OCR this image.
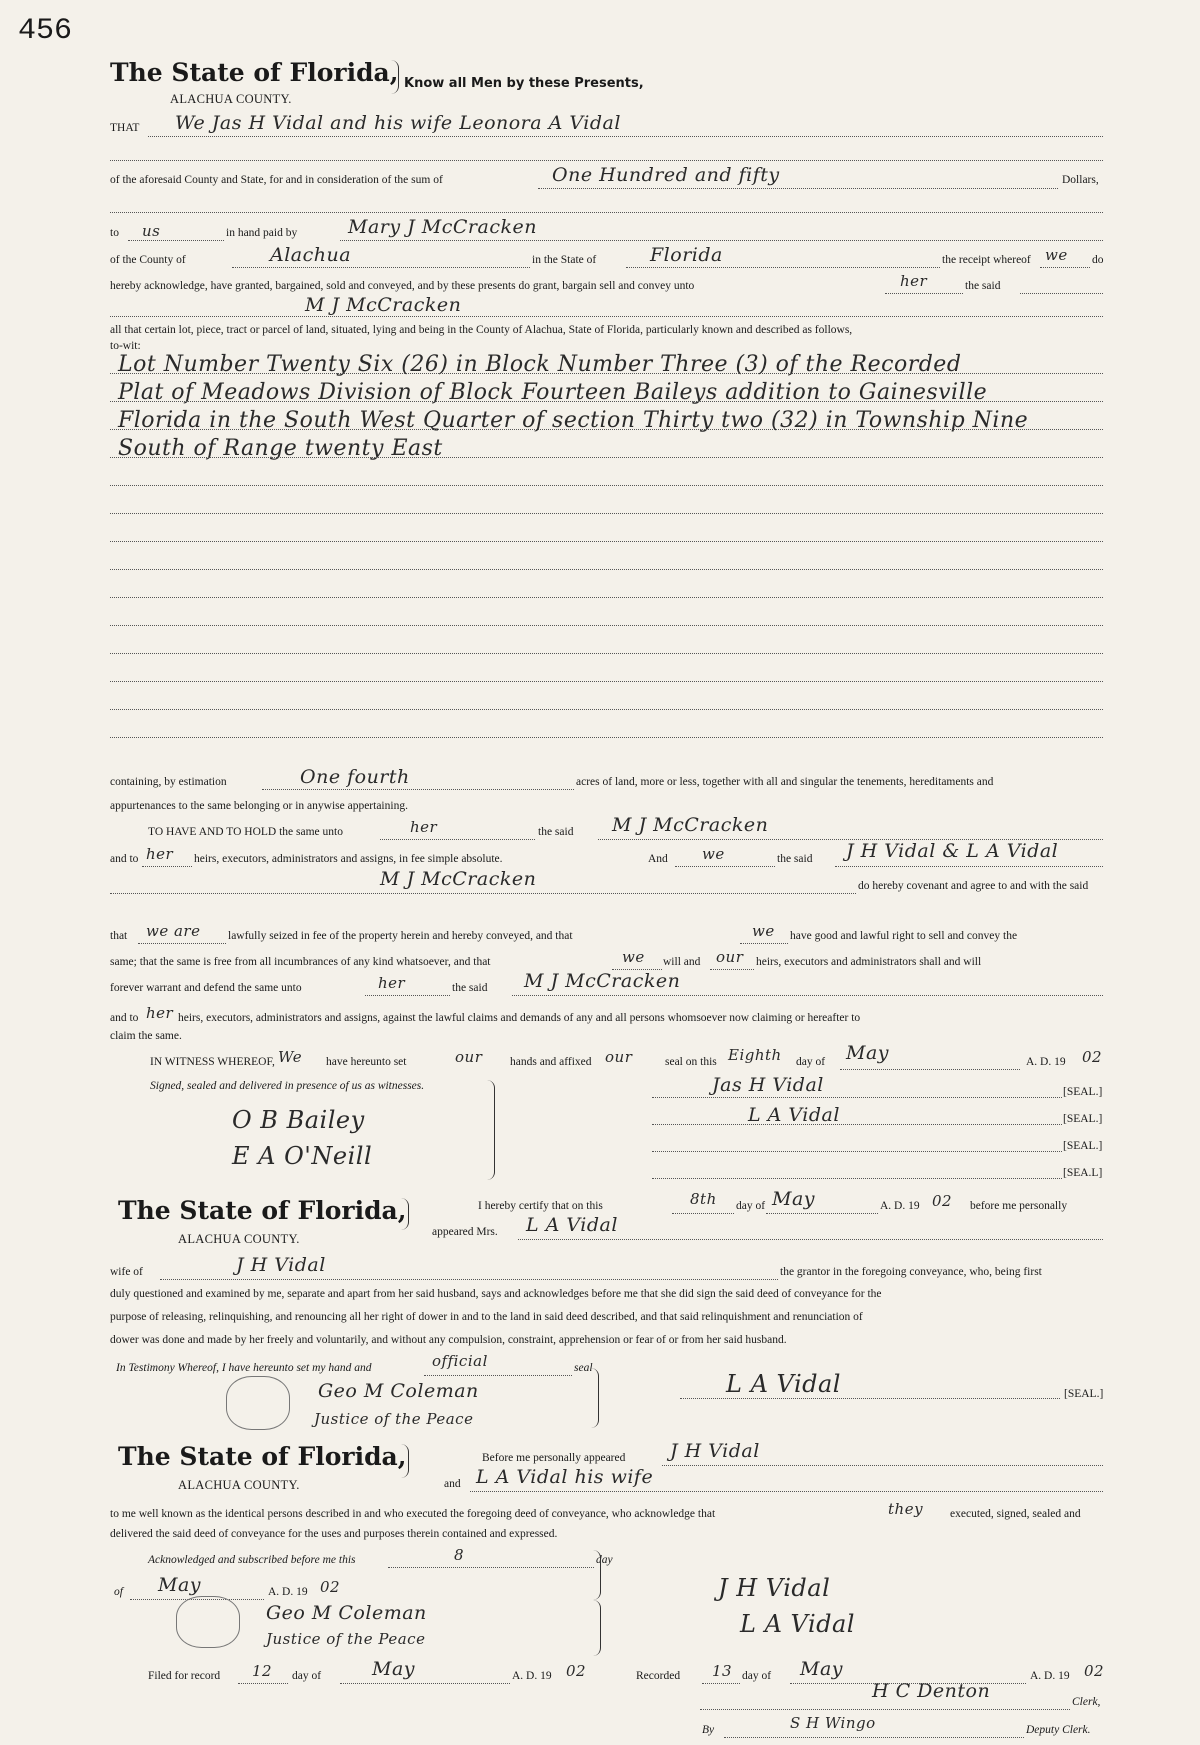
456
The State of Florida, Know all Men by these Presents,
ALACHUA COUNTY.
THAT We Jas H Vidal and his wife Leonora A Vidal
of the aforesaid County and State, for and in consideration of the sum of	One Hundred and fifty	Dollars,
to us	in hand paid by	Mary J McCracken
of the County of	Alachua	in the State of	Florida	the receipt whereof we do
hereby acknowledge, have granted, bargained, sold and conveyed, and by these presents do grant, bargain sell and convey unto	her	the said
M J McCracken
all that certain lot, piece, tract or parcel of land, situated, lying and being in the County of Alachua, State of Florida, particularly known and described as follows,
to-wit:
Lot Number Twenty Six (26) in Block Number Three (3) of the Recorded
Plat of Meadows Division of Block Fourteen Baileys addition to Gainesville
Florida in the South West Quarter of section Thirty two (32) in Township Nine
South of Range twenty East
containing, by estimation	One fourth	acres of land, more or less, together with all and singular the tenements, hereditaments and
appurtenances to the same belonging or in anywise appertaining.
TO HAVE AND TO HOLD the same unto	her	the said M J McCracken
and to her heirs, executors, administrators and assigns, in fee simple absolute.	And we	the said J H Vidal & L A Vidal
M J McCracken	do hereby covenant and agree to and with the said
that we are lawfully seized in fee of the property herein and hereby conveyed, and that	we have good and lawful right to sell and convey the
same; that the same is free from all incumbrances of any kind whatsoever, and that	we will and our heirs, executors and administrators shall and will
forever warrant and defend the same unto	her	the said M J McCracken
and to her heirs, executors, administrators and assigns, against the lawful claims and demands of any and all persons whomsoever now claiming or hereafter to
claim the same.
IN WITNESS WHEREOF, We have hereunto set	our hands and affixed our	seal on this Eighth day of May	A. D. 19 02
Signed, sealed and delivered in presence of us as witnesses.
O B Bailey
E A O'Neill
Jas H Vidal
L A Vidal
[SEAL.]
[SEAL.]
[SEAL.]
[SEA.L]
The State of Florida,
ALACHUA COUNTY.
I hereby certify that on this	8th day of May	A. D. 19 02 before me personally
appeared Mrs. L A Vidal
wife of	J H Vidal	the grantor in the foregoing conveyance, who, being first
duly questioned and examined by me, separate and apart from her said husband, says and acknowledges before me that she did sign the said deed of conveyance for the
purpose of releasing, relinquishing, and renouncing all her right of dower in and to the land in said deed described, and that said relinquishment and renunciation of
dower was done and made by her freely and voluntarily, and without any compulsion, constraint, apprehension or fear of or from her said husband.
In Testimony Whereof, I have hereunto set my hand and	official	seal
Geo M Coleman
Justice of the Peace
L A Vidal	[SEAL.]
The State of Florida,
ALACHUA COUNTY.
Before me personally appeared J H Vidal
and L A Vidal his wife
to me well known as the identical persons described in and who executed the foregoing deed of conveyance, who acknowledge that	they executed, signed, sealed and
delivered the said deed of conveyance for the uses and purposes therein contained and expressed.
Acknowledged and subscribed before me this	8	day
of May	A. D. 19 02
Geo M Coleman
Justice of the Peace
J H Vidal
L A Vidal
Filed for record 12 day of	May	A. D. 19 02	Recorded 13 day of May	A. D. 19 02
H C Denton	Clerk,
By	S H Wingo	Deputy Clerk.
